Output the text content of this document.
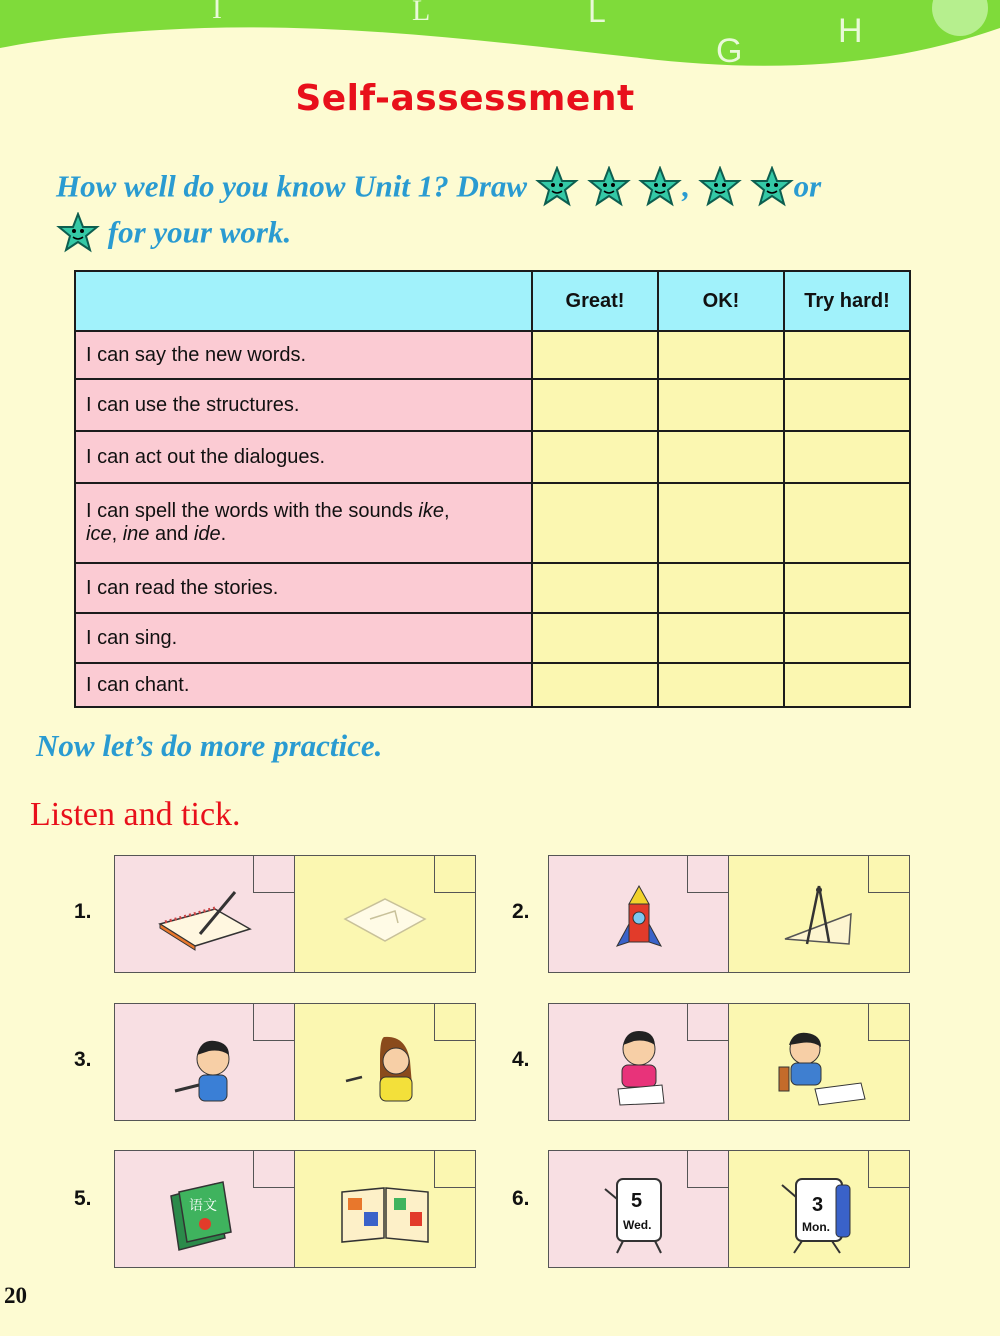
I	L	L
G
H
Self-assessment
How well do you know Unit 1? Draw	,	or
for your work.
	Great!	OK!	Try hard!
I can say the new words.			
I can use the structures.			
I can act out the dialogues.			
I can spell the words with the sounds ike,
ice, ine and ide.			
I can read the stories.			
I can sing.			
I can chant.			
Now let’s do more practice.
Listen and tick.
1.	2.
3.	4.
5.	语文	6.	5
Wed.
3
Mon.
20
